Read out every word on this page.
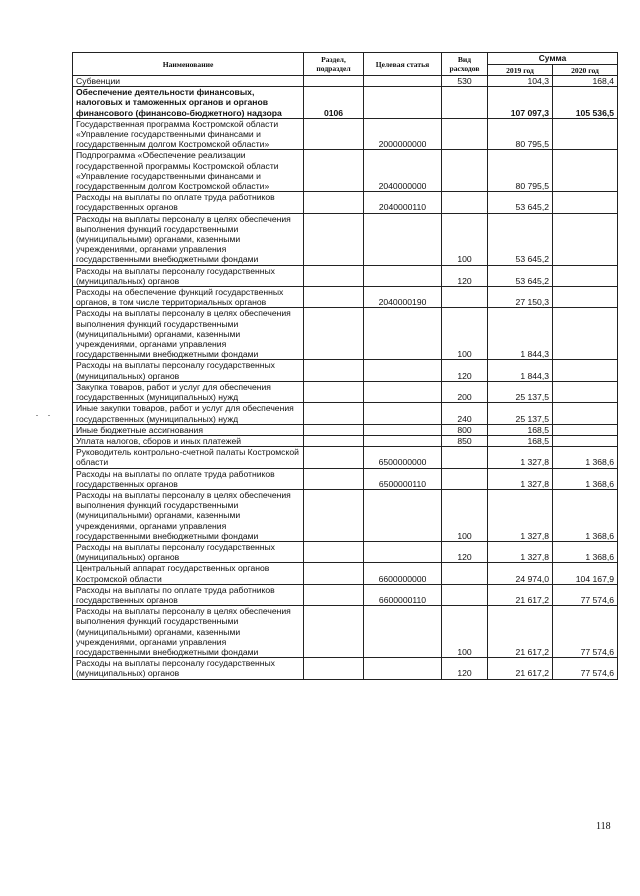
Наименование	Раздел, подраздел	Целевая статья	Вид расходов	Сумма	
				2019 год	2020 год
Субвенции			530	104,3	168,4
Обеспечение деятельности финансовых, налоговых и таможенных органов и органов финансового (финансово-бюджетного) надзора	0106			107 097,3	105 536,5
Государственная программа Костромской области «Управление государственными финансами и государственным долгом Костромской области»		2000000000		80 795,5	
Подпрограмма «Обеспечение реализации государственной программы Костромской области «Управление государственными финансами и государственным долгом Костромской области»		2040000000		80 795,5	
Расходы на выплаты по оплате труда работников государственных органов		2040000110		53 645,2	
Расходы на выплаты персоналу в целях обеспечения выполнения функций государственными (муниципальными) органами, казенными учреждениями, органами управления государственными внебюджетными фондами			100	53 645,2	
Расходы на выплаты персоналу государственных (муниципальных) органов			120	53 645,2	
Расходы на обеспечение функций государственных органов, в том числе территориальных органов		2040000190		27 150,3	
Расходы на выплаты персоналу в целях обеспечения выполнения функций государственными (муниципальными) органами, казенными учреждениями, органами управления государственными внебюджетными фондами			100	1 844,3	
Расходы на выплаты персоналу государственных (муниципальных) органов			120	1 844,3	
Закупка товаров, работ и услуг для обеспечения государственных (муниципальных) нужд			200	25 137,5	
Иные закупки товаров, работ и услуг для обеспечения государственных (муниципальных) нужд			240	25 137,5	
Иные бюджетные ассигнования			800	168,5	
Уплата налогов, сборов и иных платежей			850	168,5	
Руководитель контрольно-счетной палаты Костромской области		6500000000		1 327,8	1 368,6
Расходы на выплаты по оплате труда работников государственных органов		6500000110		1 327,8	1 368,6
Расходы на выплаты персоналу в целях обеспечения выполнения функций государственными (муниципальными) органами, казенными учреждениями, органами управления государственными внебюджетными фондами			100	1 327,8	1 368,6
Расходы на выплаты персоналу государственных (муниципальных) органов			120	1 327,8	1 368,6
Центральный аппарат государственных органов Костромской области		6600000000		24 974,0	104 167,9
Расходы на выплаты по оплате труда работников государственных органов		6600000110		21 617,2	77 574,6
Расходы на выплаты персоналу в целях обеспечения выполнения функций государственными (муниципальными) органами, казенными учреждениями, органами управления государственными внебюджетными фондами			100	21 617,2	77 574,6
Расходы на выплаты персоналу государственных (муниципальных) органов			120	21 617,2	77 574,6
118
